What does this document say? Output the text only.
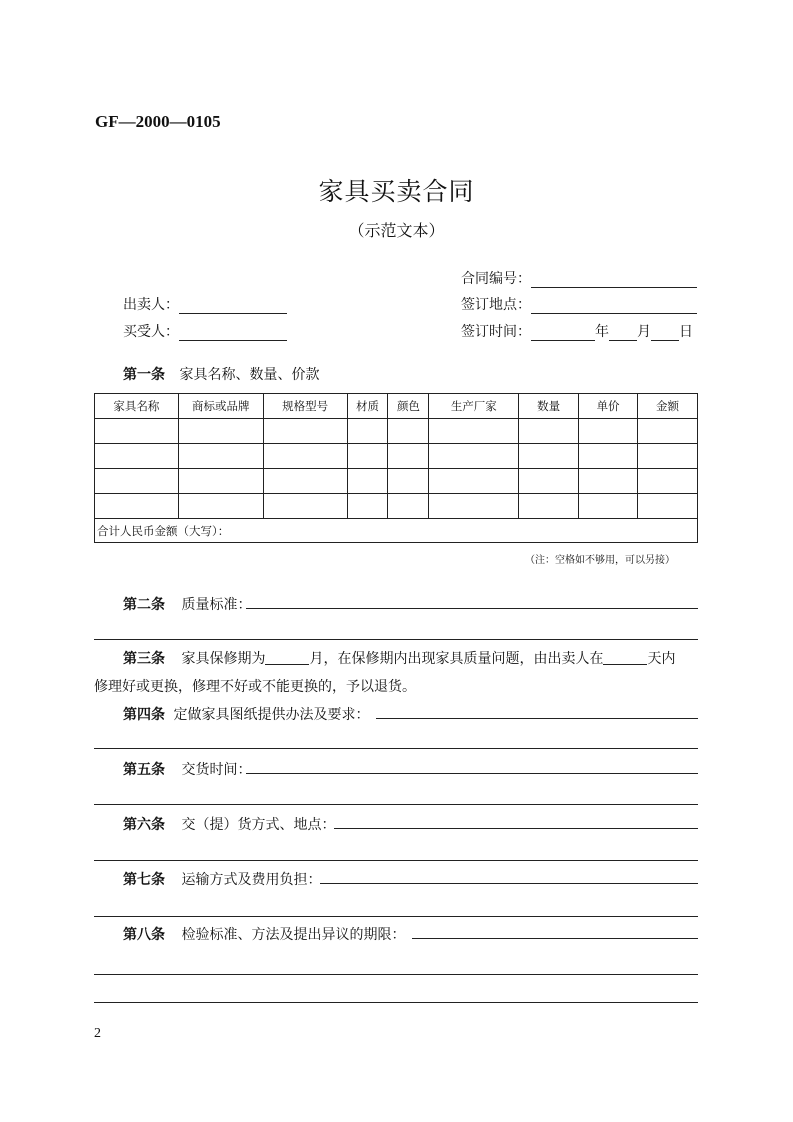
GF—2000—0105
家具买卖合同
（示范文本）
合同编号 ：
出卖人 ：	签订地点 ：
买受人 ：	签订时间 ：	年 月 日
第一条 家具名称、数量、价款
家具名称	商标或品牌	规格型号	材质	颜色	生产厂家	数量	单价	金额

合计人民币金额（大写）：								
（注：空格如不够用，可以另接）
第二条 质量标准：
第三条 家具保修期为	月，在保修期内出现家具质量问题，由出卖人在	天内
修理好或更换，修理不好或不能更换的，予以退货。
第四条 定做家具图纸提供办法及要求：
第五条 交货时间：
第六条 交（提）货方式、地点：
第七条 运输方式及费用负担：
第八条 检验标准、方法及提出异议的期限：
2
